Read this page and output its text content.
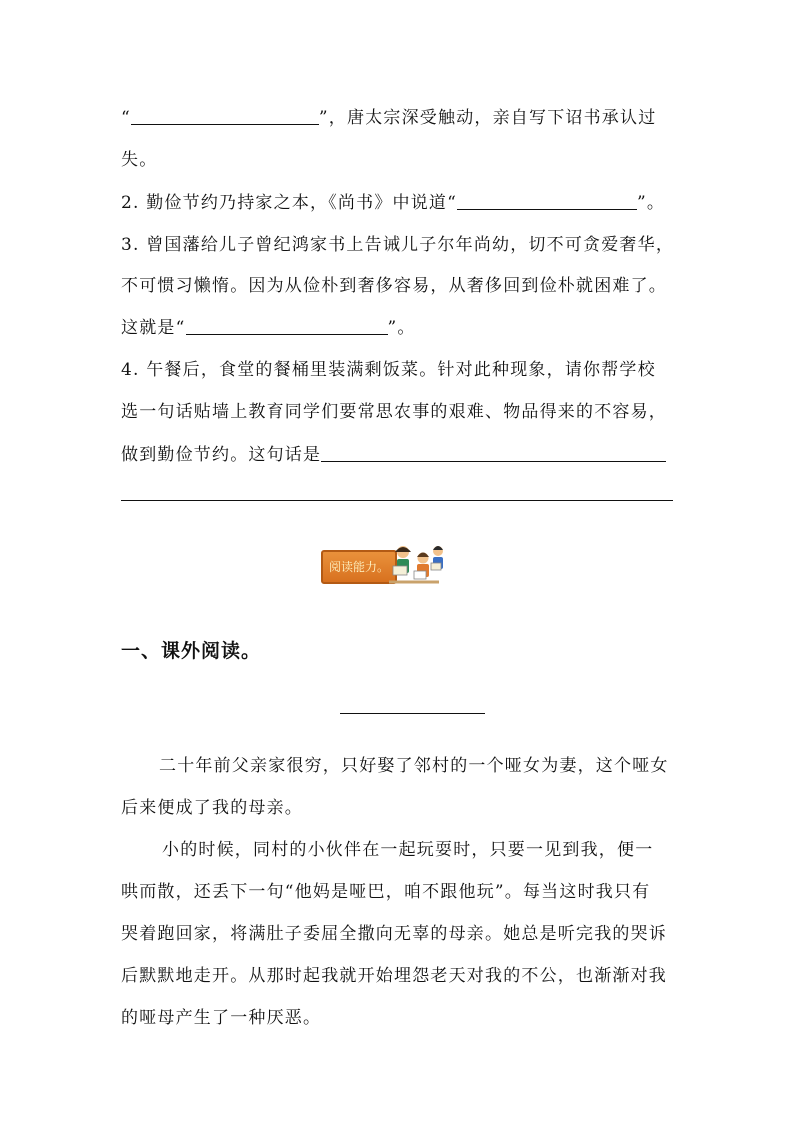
“	”，唐太宗深受触动，亲自写下诏书承认过
失。
2. 勤俭节约乃持家之本，《尚书》中说道“	”。
3. 曾国藩给儿子曾纪鸿家书上告诫儿子尔年尚幼，切不可贪爱奢华，
不可惯习懒惰。因为从俭朴到奢侈容易，从奢侈回到俭朴就困难了。
这就是“	”。
4. 午餐后，食堂的餐桶里装满剩饭菜。针对此种现象，请你帮学校
选一句话贴墙上教育同学们要常思农事的艰难、物品得来的不容易，
做到勤俭节约。这句话是
阅读能力。
一、课外阅读。
二十年前父亲家很穷，只好娶了邻村的一个哑女为妻，这个哑女
后来便成了我的母亲。
小的时候，同村的小伙伴在一起玩耍时，只要一见到我，便一
哄而散，还丢下一句“他妈是哑巴，咱不跟他玩”。每当这时我只有
哭着跑回家，将满肚子委屈全撒向无辜的母亲。她总是听完我的哭诉
后默默地走开。从那时起我就开始埋怨老天对我的不公，也渐渐对我
的哑母产生了一种厌恶。
